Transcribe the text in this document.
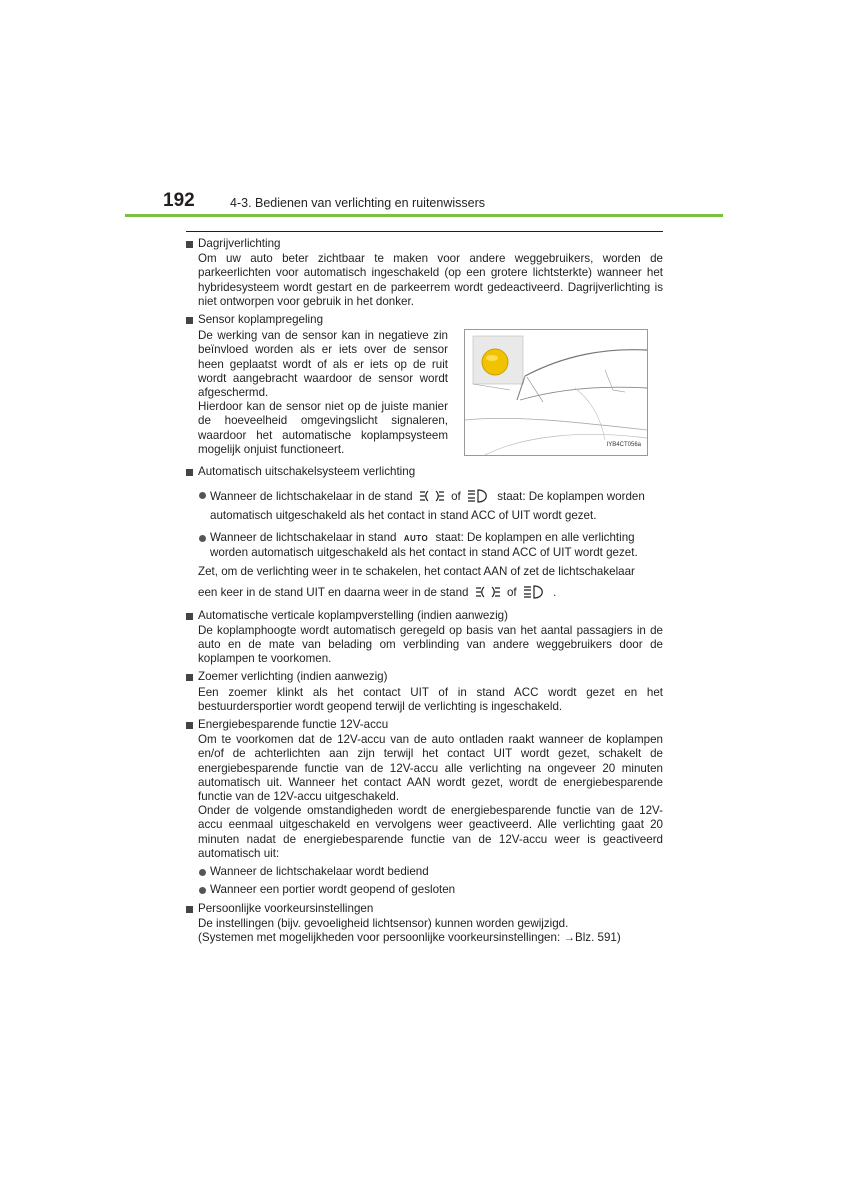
192	4-3. Bedienen van verlichting en ruitenwissers

Dagrijverlichting

Om uw auto beter zichtbaar te maken voor andere weggebruikers, worden de parkeerlichten voor automatisch ingeschakeld (op een grotere lichtsterkte) wanneer het hybridesysteem wordt gestart en de parkeerrem wordt gedeactiveerd. Dagrijverlichting is niet ontworpen voor gebruik in het donker.

Sensor koplampregeling

De werking van de sensor kan in negatieve zin beïnvloed worden als er iets over de sensor heen geplaatst wordt of als er iets op de ruit wordt aangebracht waardoor de sensor wordt afgeschermd.
Hierdoor kan de sensor niet op de juiste manier de hoeveelheid omgevingslicht signaleren, waardoor het automatische koplampsysteem mogelijk onjuist functioneert.	IYB4CT056a

Automatisch uitschakelsysteem verlichting

Wanneer de lichtschakelaar in de stand	of	staat: De koplampen worden
automatisch uitgeschakeld als het contact in stand ACC of UIT wordt gezet.
Wanneer de lichtschakelaar in stand AUTO staat: De koplampen en alle verlichting
worden automatisch uitgeschakeld als het contact in stand ACC of UIT wordt gezet.

Zet, om de verlichting weer in te schakelen, het contact AAN of zet de lichtschakelaar

een keer in de stand UIT en daarna weer in de stand	of	.

Automatische verticale koplampverstelling (indien aanwezig)

De koplamphoogte wordt automatisch geregeld op basis van het aantal passagiers in de auto en de mate van belading om verblinding van andere weggebruikers door de koplampen te voorkomen.

Zoemer verlichting (indien aanwezig)

Een zoemer klinkt als het contact UIT of in stand ACC wordt gezet en het bestuurdersportier wordt geopend terwijl de verlichting is ingeschakeld.

Energiebesparende functie 12V-accu

Om te voorkomen dat de 12V-accu van de auto ontladen raakt wanneer de koplampen en/of de achterlichten aan zijn terwijl het contact UIT wordt gezet, schakelt de energiebesparende functie van de 12V-accu alle verlichting na ongeveer 20 minuten automatisch uit. Wanneer het contact AAN wordt gezet, wordt de energiebesparende functie van de 12V-accu uitgeschakeld.

Onder de volgende omstandigheden wordt de energiebesparende functie van de 12V-accu eenmaal uitgeschakeld en vervolgens weer geactiveerd. Alle verlichting gaat 20 minuten nadat de energiebesparende functie van de 12V-accu weer is geactiveerd automatisch uit:

Wanneer de lichtschakelaar wordt bediend
Wanneer een portier wordt geopend of gesloten

Persoonlijke voorkeursinstellingen

De instellingen (bijv. gevoeligheid lichtsensor) kunnen worden gewijzigd.

(Systemen met mogelijkheden voor persoonlijke voorkeursinstellingen: →Blz. 591)
